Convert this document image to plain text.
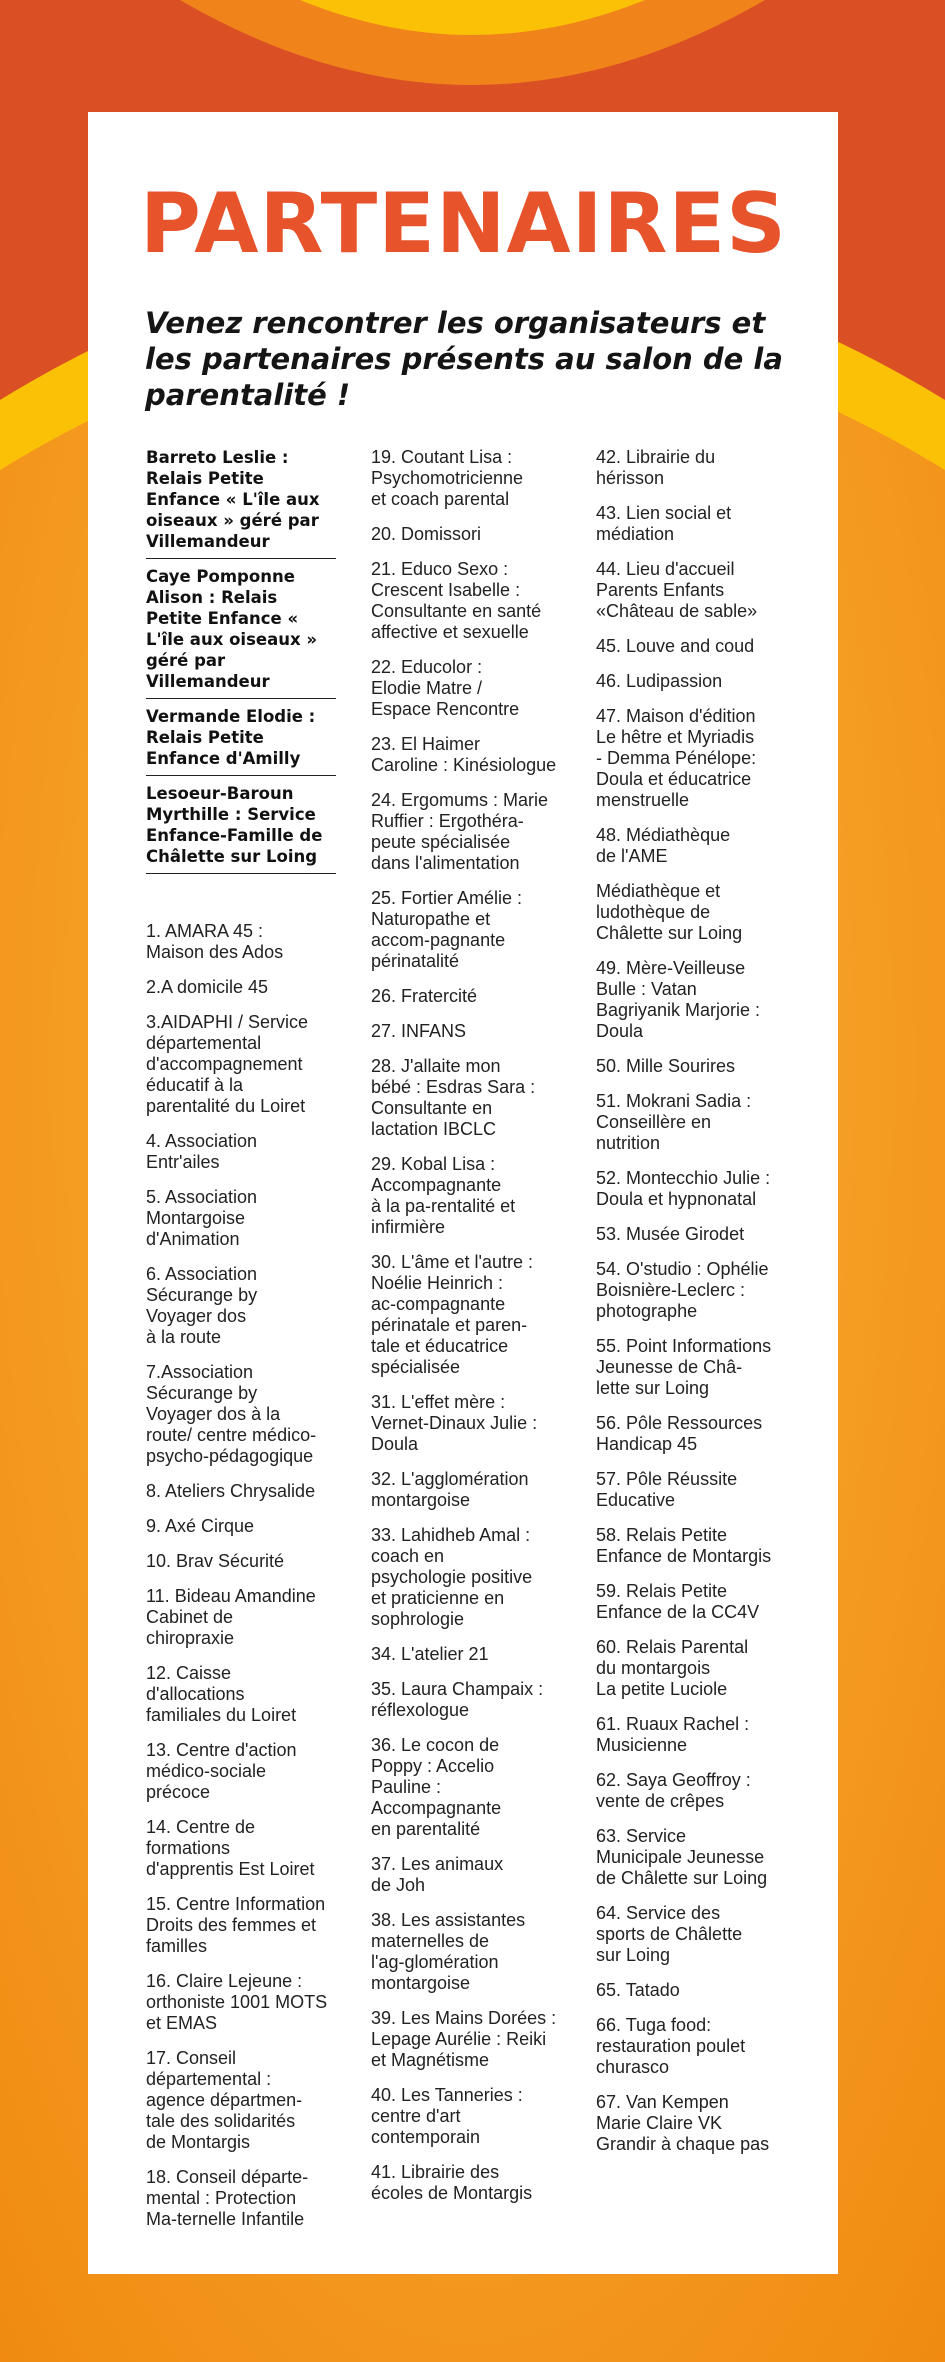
PARTENAIRES

Venez rencontrer les organisateurs et les partenaires présents au salon de la parentalité !

Barreto Leslie : Relais Petite Enfance « L'île aux oiseaux » géré par Villemandeur
Caye Pomponne Alison : Relais Petite Enfance « L'île aux oiseaux » géré par Villemandeur
Vermande Elodie : Relais Petite Enfance d'Amilly
Lesoeur-Baroun Myrthille : Service Enfance-Famille de Châlette sur Loing
1. AMARA 45 :
Maison des Ados
2.A domicile 45
3.AIDAPHI / Service
départemental
d'accompagnement
éducatif à la
parentalité du Loiret
4. Association
Entr'ailes
5. Association
Montargoise
d'Animation
6. Association
Sécurange by
Voyager dos
à la route
7.Association
Sécurange by
Voyager dos à la
route/ centre médico-
psycho-pédagogique
8. Ateliers Chrysalide
9. Axé Cirque
10. Brav Sécurité
11. Bideau Amandine
Cabinet de
chiropraxie
12. Caisse
d'allocations
familiales du Loiret
13. Centre d'action
médico-sociale
précoce
14. Centre de
formations
d'apprentis Est Loiret
15. Centre Information
Droits des femmes et
familles
16. Claire Lejeune :
orthoniste 1001 MOTS
et EMAS
17. Conseil
départemental :
agence départmen-
tale des solidarités
de Montargis
18. Conseil départe-
mental : Protection
Ma-ternelle Infantile
19. Coutant Lisa :
Psychomotricienne
et coach parental
20. Domissori
21. Educo Sexo :
Crescent Isabelle :
Consultante en santé
affective et sexuelle
22. Educolor :
Elodie Matre /
Espace Rencontre
23. El Haimer
Caroline : Kinésiologue
24. Ergomums : Marie
Ruffier : Ergothéra-
peute spécialisée
dans l'alimentation
25. Fortier Amélie :
Naturopathe et
accom-pagnante
périnatalité
26. Fratercité
27. INFANS
28. J'allaite mon
bébé : Esdras Sara :
Consultante en
lactation IBCLC
29. Kobal Lisa :
Accompagnante
à la pa-rentalité et
infirmière
30. L'âme et l'autre :
Noélie Heinrich :
ac-compagnante
périnatale et paren-
tale et éducatrice
spécialisée
31. L'effet mère :
Vernet-Dinaux Julie :
Doula
32. L'agglomération
montargoise
33. Lahidheb Amal :
coach en
psychologie positive
et praticienne en
sophrologie
34. L'atelier 21
35. Laura Champaix :
réflexologue
36. Le cocon de
Poppy : Accelio
Pauline :
Accompagnante
en parentalité
37. Les animaux
de Joh
38. Les assistantes
maternelles de
l'ag-glomération
montargoise
39. Les Mains Dorées :
Lepage Aurélie : Reiki
et Magnétisme
40. Les Tanneries :
centre d'art
contemporain
41. Librairie des
écoles de Montargis
42. Librairie du
hérisson
43. Lien social et
médiation
44. Lieu d'accueil
Parents Enfants
«Château de sable»
45. Louve and coud
46. Ludipassion
47. Maison d'édition
Le hêtre et Myriadis
- Demma Pénélope:
Doula et éducatrice
menstruelle
48. Médiathèque
de l'AME
Médiathèque et
ludothèque de
Châlette sur Loing
49. Mère-Veilleuse
Bulle : Vatan
Bagriyanik Marjorie :
Doula
50. Mille Sourires
51. Mokrani Sadia :
Conseillère en
nutrition
52. Montecchio Julie :
Doula et hypnonatal
53. Musée Girodet
54. O'studio : Ophélie
Boisnière-Leclerc :
photographe
55. Point Informations
Jeunesse de Châ-
lette sur Loing
56. Pôle Ressources
Handicap 45
57. Pôle Réussite
Educative
58. Relais Petite
Enfance de Montargis
59. Relais Petite
Enfance de la CC4V
60. Relais Parental
du montargois
La petite Luciole
61. Ruaux Rachel :
Musicienne
62. Saya Geoffroy :
vente de crêpes
63. Service
Municipale Jeunesse
de Châlette sur Loing
64. Service des
sports de Châlette
sur Loing
65. Tatado
66. Tuga food:
restauration poulet
churasco
67. Van Kempen
Marie Claire VK
Grandir à chaque pas
